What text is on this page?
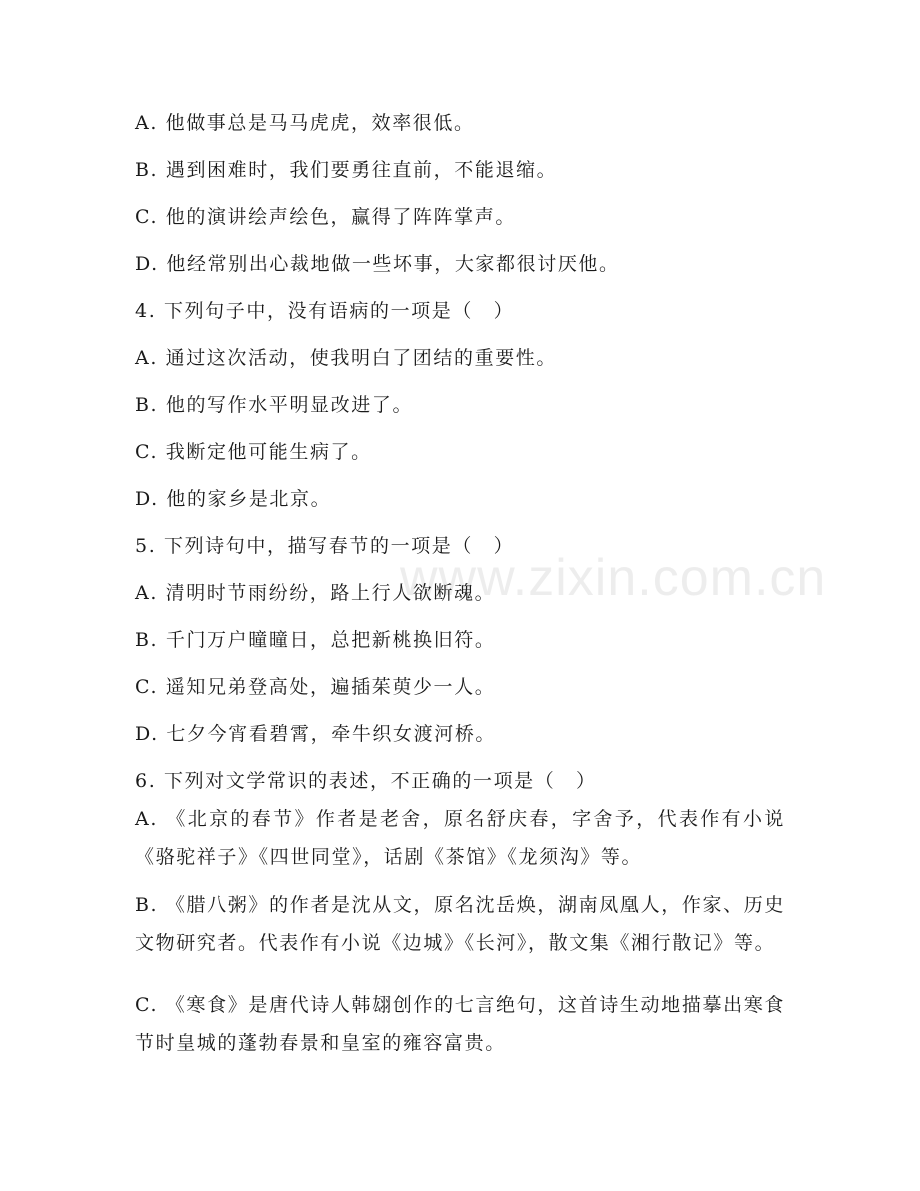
www.zixin.com.cn
A. 他做事总是马马虎虎，效率很低。
B. 遇到困难时，我们要勇往直前，不能退缩。
C. 他的演讲绘声绘色，赢得了阵阵掌声。
D. 他经常别出心裁地做一些坏事，大家都很讨厌他。
4. 下列句子中，没有语病的一项是（　）
A. 通过这次活动，使我明白了团结的重要性。
B. 他的写作水平明显改进了。
C. 我断定他可能生病了。
D. 他的家乡是北京。
5. 下列诗句中，描写春节的一项是（　）
A. 清明时节雨纷纷，路上行人欲断魂。
B. 千门万户曈曈日，总把新桃换旧符。
C. 遥知兄弟登高处，遍插茱萸少一人。
D. 七夕今宵看碧霄，牵牛织女渡河桥。
6. 下列对文学常识的表述，不正确的一项是（　）
A. 《北京的春节》作者是老舍，原名舒庆春，字舍予，代表作有小说《骆驼祥子》《四世同堂》，话剧《茶馆》《龙须沟》等。
B. 《腊八粥》的作者是沈从文，原名沈岳焕，湖南凤凰人，作家、历史文物研究者。代表作有小说《边城》《长河》，散文集《湘行散记》等。
C. 《寒食》是唐代诗人韩翃创作的七言绝句，这首诗生动地描摹出寒食节时皇城的蓬勃春景和皇室的雍容富贵。
